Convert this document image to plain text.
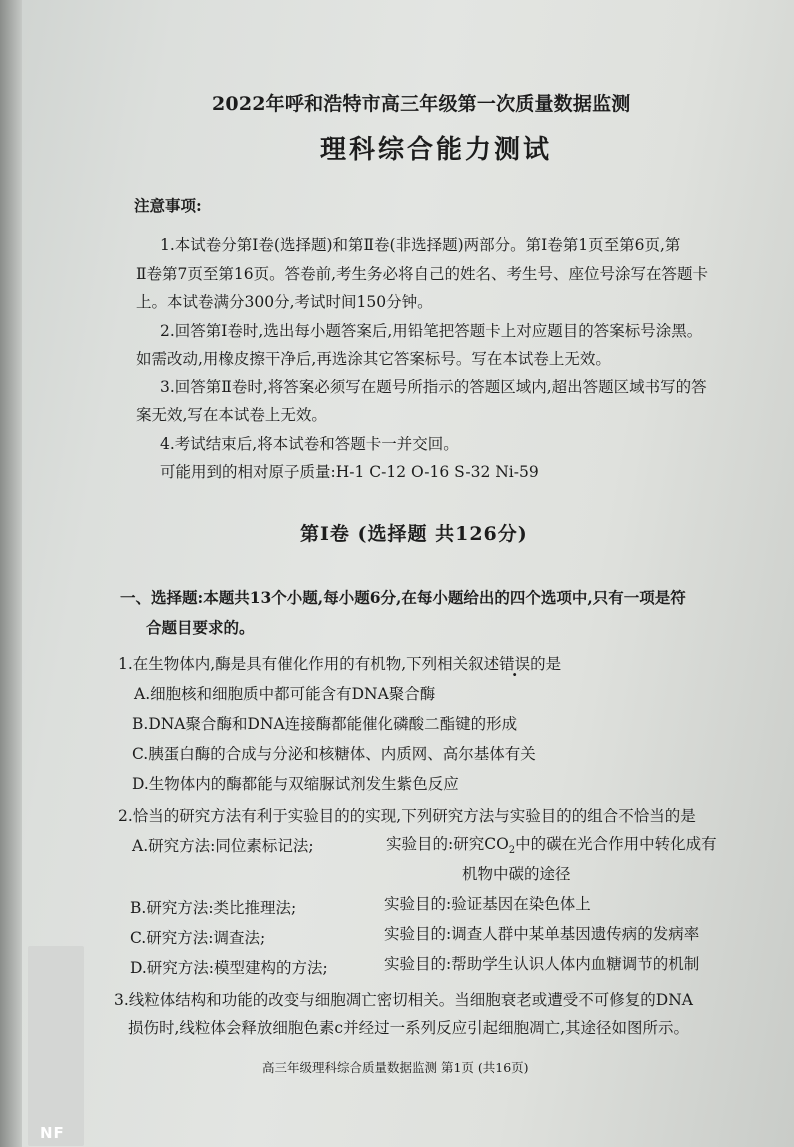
2022年呼和浩特市高三年级第一次质量数据监测
理科综合能力测试
注意事项:
1.本试卷分第Ⅰ卷(选择题)和第Ⅱ卷(非选择题)两部分。第Ⅰ卷第1页至第6页,第
Ⅱ卷第7页至第16页。答卷前,考生务必将自己的姓名、考生号、座位号涂写在答题卡
上。本试卷满分300分,考试时间150分钟。
2.回答第Ⅰ卷时,选出每小题答案后,用铅笔把答题卡上对应题目的答案标号涂黑。
如需改动,用橡皮擦干净后,再选涂其它答案标号。写在本试卷上无效。
3.回答第Ⅱ卷时,将答案必须写在题号所指示的答题区域内,超出答题区域书写的答
案无效,写在本试卷上无效。
4.考试结束后,将本试卷和答题卡一并交回。
可能用到的相对原子质量:H-1 C-12 O-16 S-32 Ni-59
第Ⅰ卷 (选择题 共126分)
一、选择题:本题共13个小题,每小题6分,在每小题给出的四个选项中,只有一项是符
合题目要求的。
1.在生物体内,酶是具有催化作用的有机物,下列相关叙述错误的是
A.细胞核和细胞质中都可能含有DNA聚合酶
B.DNA聚合酶和DNA连接酶都能催化磷酸二酯键的形成
C.胰蛋白酶的合成与分泌和核糖体、内质网、高尔基体有关
D.生物体内的酶都能与双缩脲试剂发生紫色反应
2.恰当的研究方法有利于实验目的的实现,下列研究方法与实验目的的组合不恰当的是
A.研究方法:同位素标记法;	实验目的:研究$CO_2$中的碳在光合作用中转化成有
机物中碳的途径
B.研究方法:类比推理法;	实验目的:验证基因在染色体上
C.研究方法:调查法;	实验目的:调查人群中某单基因遗传病的发病率
D.研究方法:模型建构的方法;	实验目的:帮助学生认识人体内血糖调节的机制
3.线粒体结构和功能的改变与细胞凋亡密切相关。当细胞衰老或遭受不可修复的DNA
损伤时,线粒体会释放细胞色素c并经过一系列反应引起细胞凋亡,其途径如图所示。
高三年级理科综合质量数据监测 第1页 (共16页)
NF
